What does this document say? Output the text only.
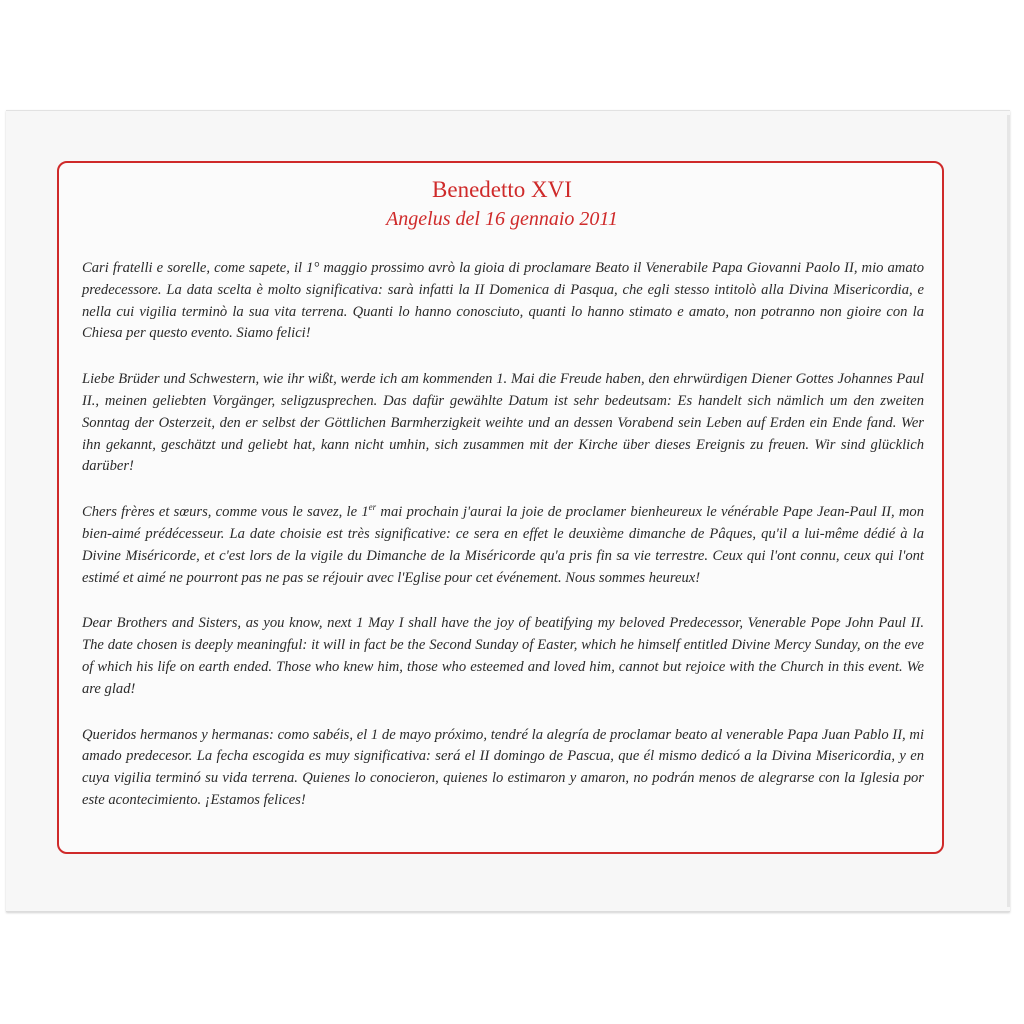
Benedetto XVI
Angelus del 16 gennaio 2011

Cari fratelli e sorelle, come sapete, il 1° maggio prossimo avrò la gioia di proclamare Beato il Venerabile Papa Giovanni Paolo II, mio amato predecessore. La data scelta è molto significativa: sarà infatti la II Domenica di Pasqua, che egli stesso intitolò alla Divina Misericordia, e nella cui vigilia terminò la sua vita terrena. Quanti lo hanno conosciuto, quanti lo hanno stimato e amato, non potranno non gioire con la Chiesa per questo evento. Siamo felici!

Liebe Brüder und Schwestern, wie ihr wißt, werde ich am kommenden 1. Mai die Freude haben, den ehrwürdigen Diener Gottes Johannes Paul II., meinen geliebten Vorgänger, seligzusprechen. Das dafür gewählte Datum ist sehr bedeutsam: Es handelt sich nämlich um den zweiten Sonntag der Osterzeit, den er selbst der Göttlichen Barmherzigkeit weihte und an dessen Vorabend sein Leben auf Erden ein Ende fand. Wer ihn gekannt, geschätzt und geliebt hat, kann nicht umhin, sich zusammen mit der Kirche über dieses Ereignis zu freuen. Wir sind glücklich darüber!

Chers frères et sœurs, comme vous le savez, le 1er mai prochain j'aurai la joie de proclamer bienheureux le vénérable Pape Jean-Paul II, mon bien-aimé prédécesseur. La date choisie est très significative: ce sera en effet le deuxième dimanche de Pâques, qu'il a lui-même dédié à la Divine Miséricorde, et c'est lors de la vigile du Dimanche de la Miséricorde qu'a pris fin sa vie terrestre. Ceux qui l'ont connu, ceux qui l'ont estimé et aimé ne pourront pas ne pas se réjouir avec l'Eglise pour cet événement. Nous sommes heureux!

Dear Brothers and Sisters, as you know, next 1 May I shall have the joy of beatifying my beloved Predecessor, Venerable Pope John Paul II. The date chosen is deeply meaningful: it will in fact be the Second Sunday of Easter, which he himself entitled Divine Mercy Sunday, on the eve of which his life on earth ended. Those who knew him, those who esteemed and loved him, cannot but rejoice with the Church in this event. We are glad!

Queridos hermanos y hermanas: como sabéis, el 1 de mayo próximo, tendré la alegría de proclamar beato al venerable Papa Juan Pablo II, mi amado predecesor. La fecha escogida es muy significativa: será el II domingo de Pascua, que él mismo dedicó a la Divina Misericordia, y en cuya vigilia terminó su vida terrena. Quienes lo conocieron, quienes lo estimaron y amaron, no podrán menos de alegrarse con la Iglesia por este acontecimiento. ¡Estamos felices!
